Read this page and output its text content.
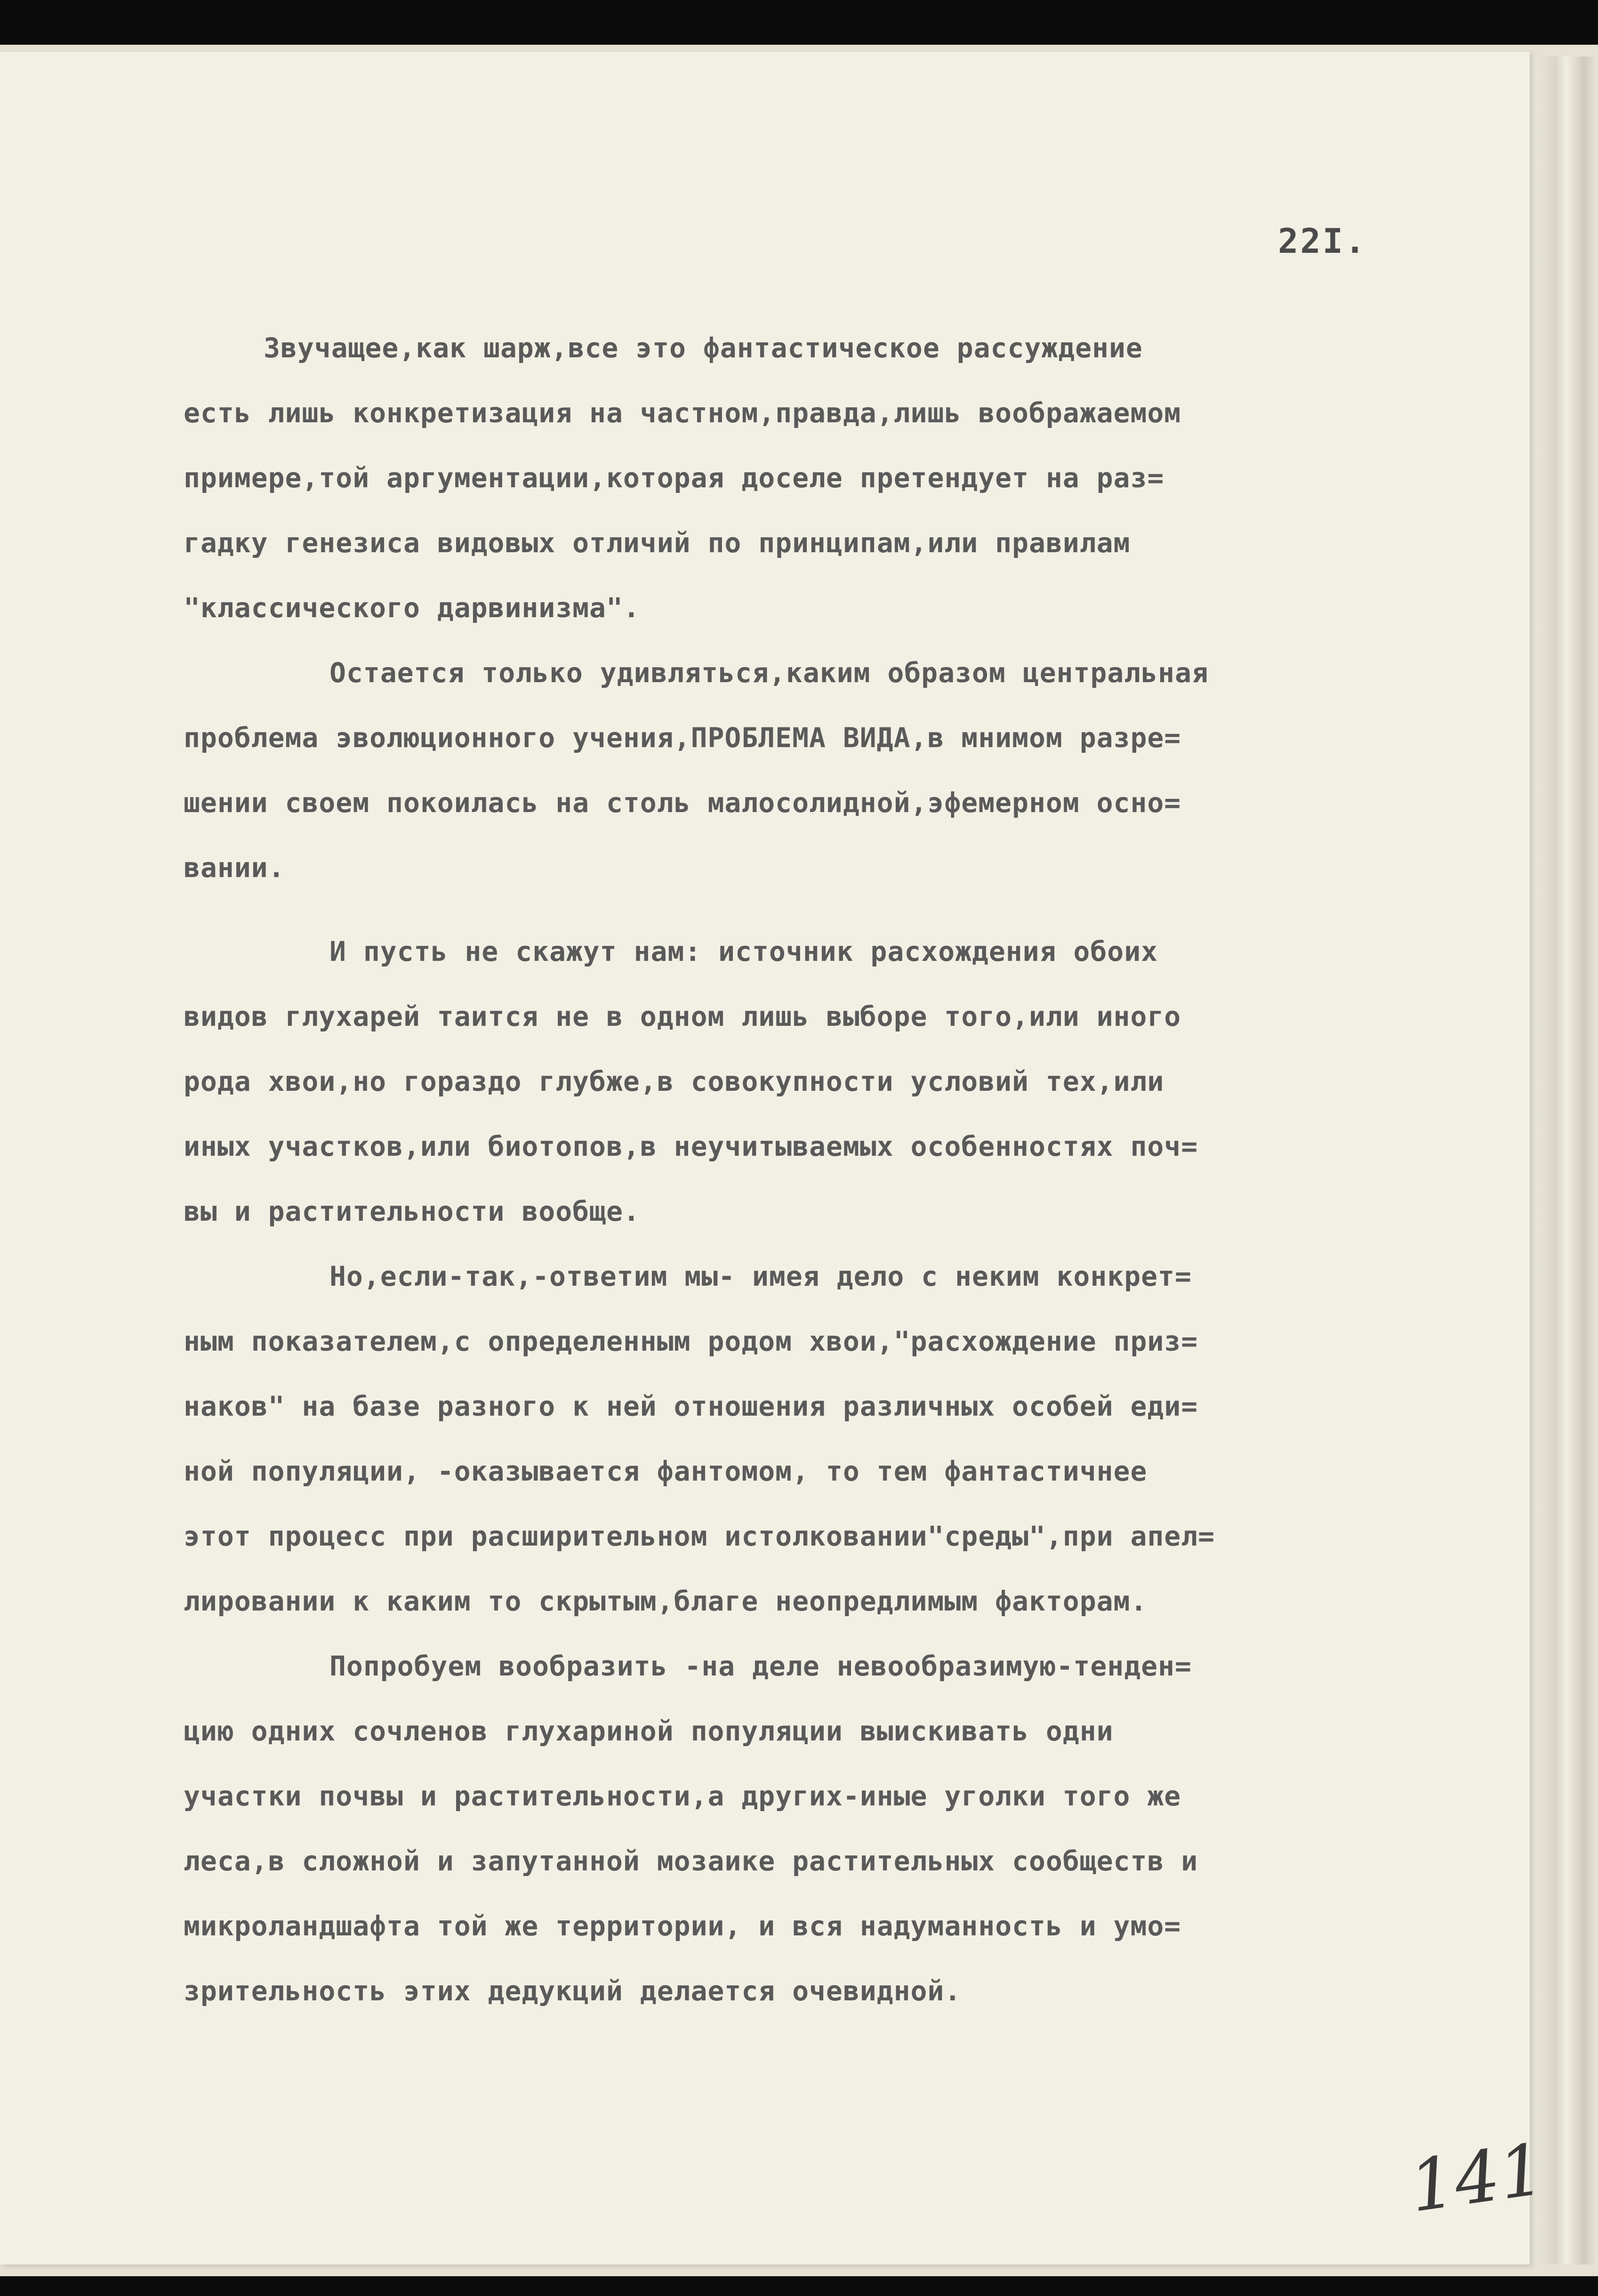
22I.
Звучащее,как шарж,все это фантастическое рассуждение
есть лишь конкретизация на частном,правда,лишь воображаемом
примере,той аргументации,которая доселе претендует на раз=
гадку генезиса видовых отличий по принципам,или правилам
"классического дарвинизма".
Остается только удивляться,каким образом центральная
проблема эволюционного учения,ПРОБЛЕМА ВИДА,в мнимом разре=
шении своем покоилась на столь малосолидной,эфемерном осно=
вании.
И пусть не скажут нам: источник расхождения обоих
видов глухарей таится не в одном лишь выборе того,или иного
рода хвои,но гораздо глубже,в совокупности условий тех,или
иных участков,или биотопов,в неучитываемых особенностях поч=
вы и растительности вообще.
Но,если-так,-ответим мы- имея дело с неким конкрет=
ным показателем,с определенным родом хвои,"расхождение приз=
наков" на базе разного к ней отношения различных особей еди=
ной популяции, -оказывается фантомом, то тем фантастичнее
этот процесс при расширительном истолковании"среды",при апел=
лировании к каким то скрытым,благе неопредлимым факторам.
Попробуем вообразить -на деле невообразимую-тенден=
цию одних сочленов глухариной популяции выискивать одни
участки почвы и растительности,а других-иные уголки того же
леса,в сложной и запутанной мозаике растительных сообществ и
микроландшафта той же территории, и вся надуманность и умо=
зрительность этих дедукций делается очевидной.
141
